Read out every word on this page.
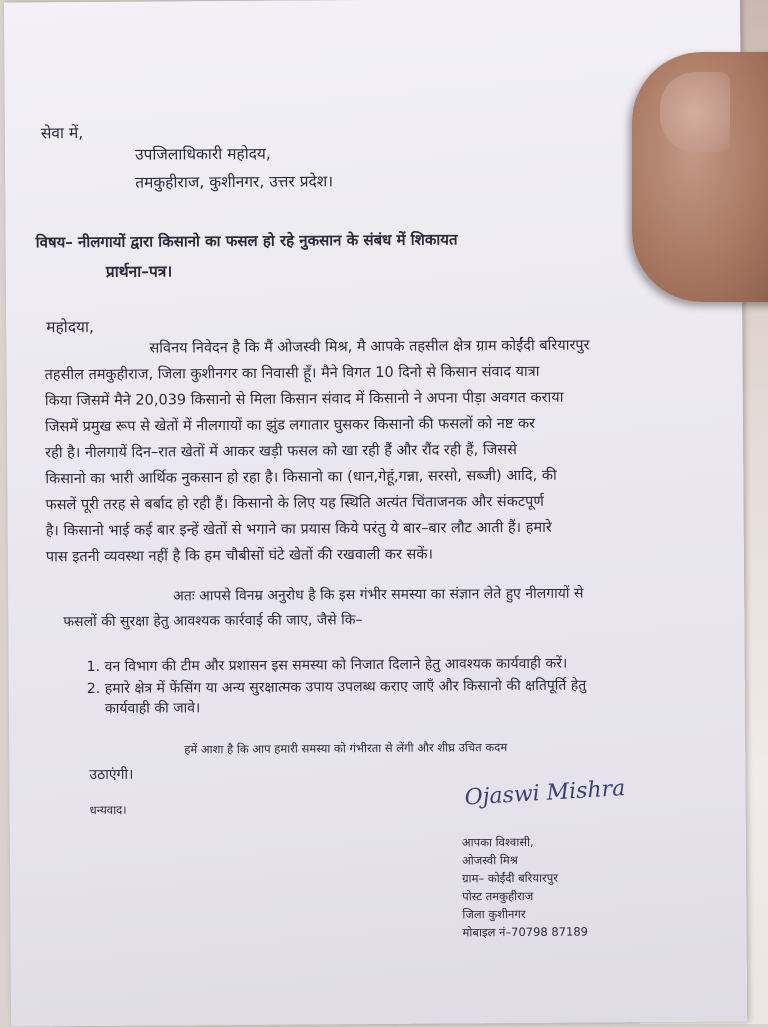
सेवा में,
उपजिलाधिकारी महोदय,
तमकुहीराज, कुशीनगर, उत्तर प्रदेश।
विषय– नीलगायों द्वारा किसानो का फसल हो रहे नुकसान के संबंध में शिकायत
प्रार्थना–पत्र।
महोदया,
सविनय निवेदन है कि मैं ओजस्वी मिश्र, मै आपके तहसील क्षेत्र ग्राम कोईंदी बरियारपुर
तहसील तमकुहीराज, जिला कुशीनगर का निवासी हूँ। मैने विगत 10 दिनो से किसान संवाद यात्रा
किया जिसमें मैने 20,039 किसानो से मिला किसान संवाद में किसानो ने अपना पीड़ा अवगत कराया
जिसमें प्रमुख रूप से खेतों में नीलगायों का झुंड लगातार घुसकर किसानो की फसलों को नष्ट कर
रही है। नीलगायें दिन–रात खेतों में आकर खड़ी फसल को खा रही हैं और रौंद रही हैं, जिससे
किसानो का भारी आर्थिक नुकसान हो रहा है। किसानो का (धान,गेहूं,गन्ना, सरसो, सब्जी) आदि, की
फसलें पूरी तरह से बर्बाद हो रही हैं। किसानो के लिए यह स्थिति अत्यंत चिंताजनक और संकटपूर्ण
है। किसानो भाई कई बार इन्हें खेतों से भगाने का प्रयास किये परंतु ये बार–बार लौट आती हैं। हमारे
पास इतनी व्यवस्था नहीं है कि हम चौबीसों घंटे खेतों की रखवाली कर सकें।
अतः आपसे विनम्र अनुरोध है कि इस गंभीर समस्या का संज्ञान लेते हुए नीलगायों से
फसलों की सुरक्षा हेतु आवश्यक कार्रवाई की जाए, जैसे कि–
1. वन विभाग की टीम और प्रशासन इस समस्या को निजात दिलाने हेतु आवश्यक कार्यवाही करें।
2. हमारे क्षेत्र में फेंसिंग या अन्य सुरक्षात्मक उपाय उपलब्ध कराए जाएँ और किसानो की क्षतिपूर्ति हेतु
कार्यवाही की जावे।
हमें आशा है कि आप हमारी समस्या को गंभीरता से लेंगी और शीघ्र उचित कदम
उठाएंगी।
धन्यवाद।	Ojaswi Mishra
आपका विश्वासी,
ओजस्वी मिश्र
ग्राम– कोईंदी बरियारपुर
पोस्ट तमकुहीराज
जिला कुशीनगर
मोबाइल नं–70798 87189
